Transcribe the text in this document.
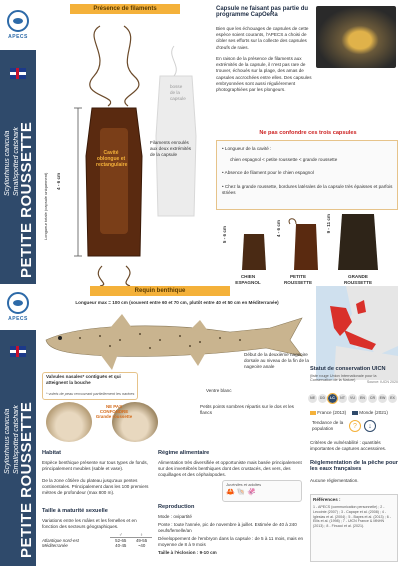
APECS
Scyliorhinus canicula Smallspotted catshark
PETITE ROUSSETTE
APECS
Scyliorhinus canicula Smallspotted catshark
PETITE ROUSSETTE
Présence de filaments
Longueur totale (capsule uniquement)	4 - 6 cm
Cavité
oblongue et
rectangulaire
bosse
de la
capsule
Filaments enroulés
aux deux extrémités
de la capsule
Capsule ne faisant pas partie du programme CapOeRa
Bien que les échouages de capsules de cette espèce soient courants, l'APECS a choisi de cibler ses efforts sur la collecte des capsules d'œufs de raies.
En raison de la présence de filaments aux extrémités de la capsule, il n'est pas rare de trouver, échoués sur la plage, des amas de capsules accrochées entre elles. Des capsules embryonnées sont aussi régulièrement photographiées par les plongeurs.
Ne pas confondre ces trois capsules
• Longueur de la cavité :
chien espagnol < petite roussette < grande roussette
• Absence de filament pour le chien espagnol
• Chez la grande roussette, bordures latérales de la capsule très épaisses et parfois striées
5 - 6 cm	4 - 6 cm	9 - 11 cm
CHIEN
ESPAGNOL
PETITE
ROUSSETTE
GRANDE
ROUSSETTE
Requin benthique
Longueur max = 100 cm (souvent entre 60 et 70 cm, plutôt entre 40 et 50 cm en Méditerranée)
Début de la deuxième nageoire dorsale au niveau de la fin de la nageoire anale
Ventre blanc
Petits points sombres répartis sur le dos et les flancs
Valvules nasales* contiguës et qui atteignent la bouche
* volets de peau recouvrant partiellement les narines
NE PAS CONFONDRE
Grande roussette
Source: IUCN 2020
Statut de conservation UICN
(liste rouge Union Internationale pour la Conservation de la Nature)
NE	DD	LC	NT	VU	EN	CR	EW	EX
France (2013)	Monde (2021)
Tendance de la population	?	↓
Critères de vulnérabilité : quantités importantes de captures accessoires.
Réglementation de la pêche pour les eaux françaises
Aucune réglementation.
Références :
1 - APECS (communication personnelle) ; 2 - Lecointe (2007) ; 3 - Capape et al. (2008) ; 4 - Iglesias et al. (2004) ; 5 - Bayes et al. (2013) ; 6 - Ellis et al. (1998) ; 7 - UICN France & MNHN (2013) ; 8 - Finucci et al. (2021).
Habitat
Espèce benthique présente sur tous types de fonds, principalement meubles (sable et vase).
De la zone côtière du plateau jusqu'aux pentes continentales. Principalement dans les 100 premiers mètres de profondeur (max 800 m).
Taille à maturité sexuelle
Variations entre les mâles et les femelles et en fonction des secteurs géographiques.
	♂	♀
Atlantique nord-est	52-65	49-55
Méditerranée	40-45	~40
Régime alimentaire
Alimentation très diversifiée et opportuniste mais basée principalement sur des invertébrés benthiques dont des crustacés, des vers, des coquillages et des céphalopodes.
Juvéniles et adultes
🦀 🐚 🦑
Reproduction
Mode : ovipartité
Ponte : toute l'année, pic de novembre à juillet. Estimée de 40 à 240 oeufs/femelle/an
Développement de l'embryon dans la capsule : de 5 à 11 mois, mais en moyenne de 8 à 9 mois
Taille à l'éclosion : 9-10 cm
